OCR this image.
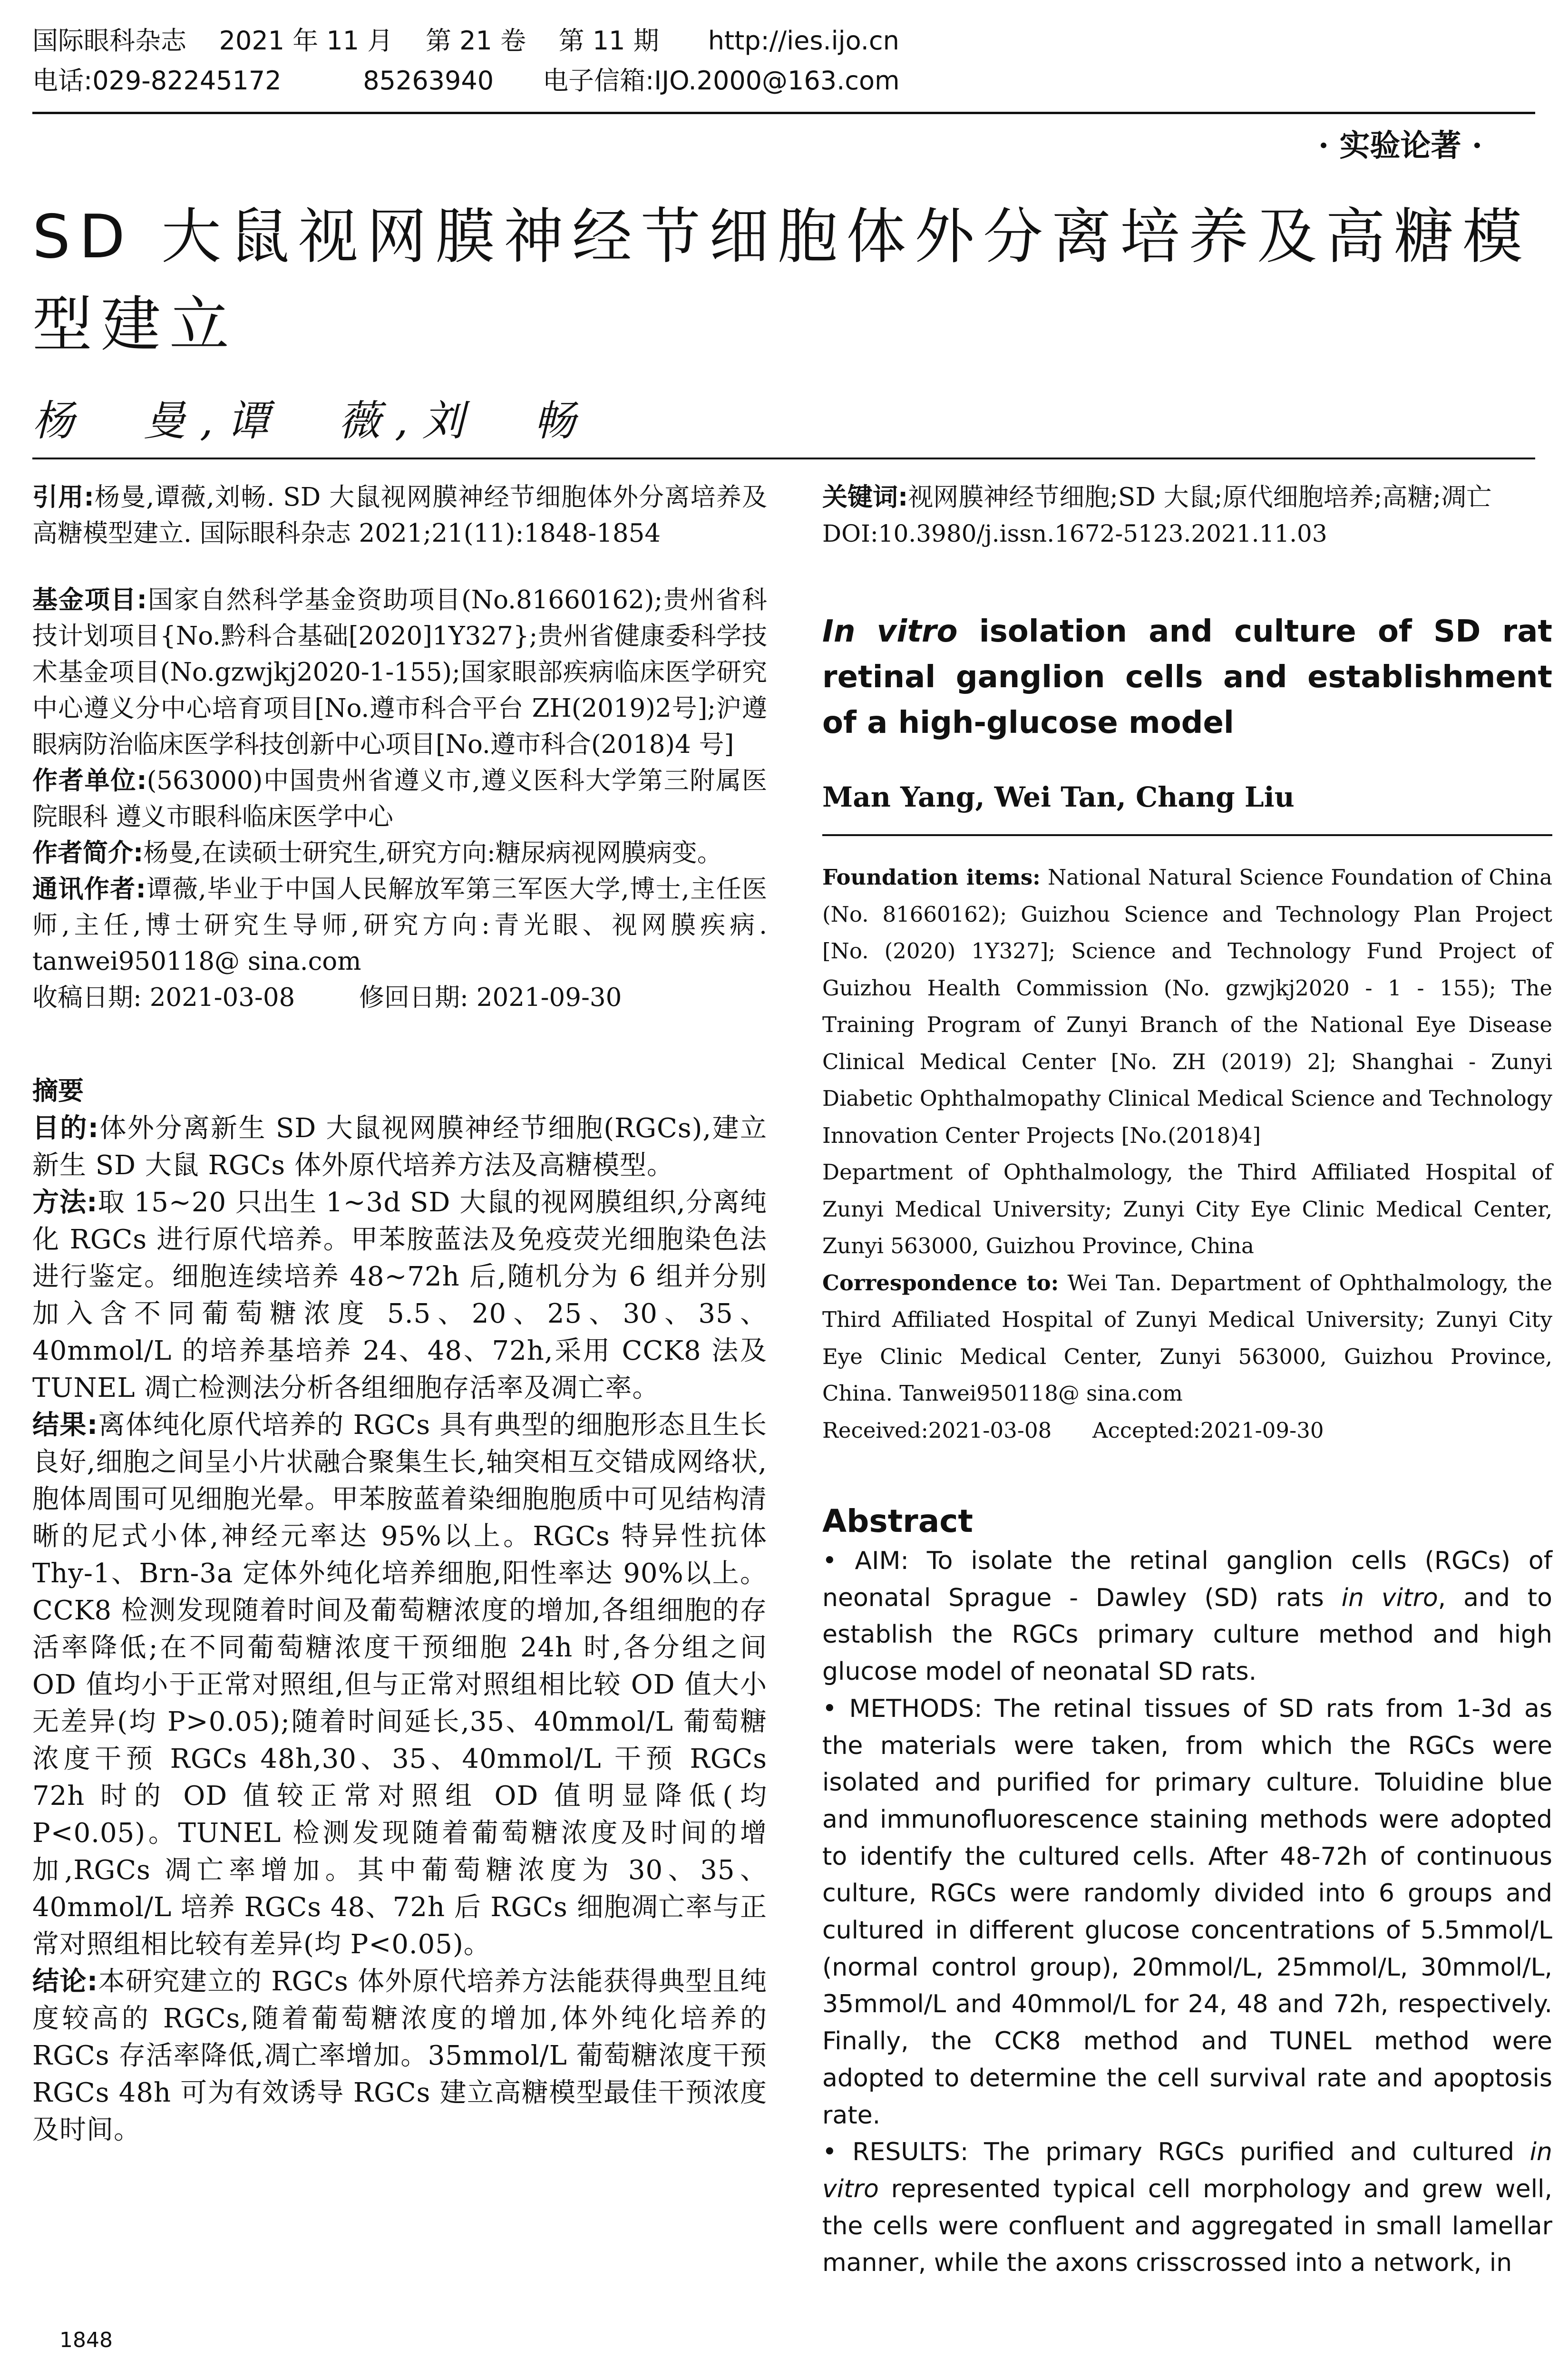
国际眼科杂志    2021 年 11 月    第 21 卷    第 11 期      http://ies.ijo.cn
电话:029-82245172          85263940      电子信箱:IJO.2000@163.com
· 实验论著 ·
SD 大鼠视网膜神经节细胞体外分离培养及高糖模型建立
杨  曼,谭  薇,刘  畅

引用:杨曼,谭薇,刘畅. SD 大鼠视网膜神经节细胞体外分离培养及高糖模型建立. 国际眼科杂志 2021;21(11):1848-1854

基金项目:国家自然科学基金资助项目(No.81660162);贵州省科技计划项目{No.黔科合基础[2020]1Y327};贵州省健康委科学技术基金项目(No.gzwjkj2020-1-155);国家眼部疾病临床医学研究中心遵义分中心培育项目[No.遵市科合平台 ZH(2019)2号];沪遵眼病防治临床医学科技创新中心项目[No.遵市科合(2018)4 号]

作者单位:(563000)中国贵州省遵义市,遵义医科大学第三附属医院眼科 遵义市眼科临床医学中心

作者简介:杨曼,在读硕士研究生,研究方向:糖尿病视网膜病变。

通讯作者:谭薇,毕业于中国人民解放军第三军医大学,博士,主任医师,主任,博士研究生导师,研究方向:青光眼、视网膜疾病. tanwei950118@ sina.com

收稿日期: 2021-03-08        修回日期: 2021-09-30

摘要

目的:体外分离新生 SD 大鼠视网膜神经节细胞(RGCs),建立新生 SD 大鼠 RGCs 体外原代培养方法及高糖模型。

方法:取 15~20 只出生 1~3d SD 大鼠的视网膜组织,分离纯化 RGCs 进行原代培养。甲苯胺蓝法及免疫荧光细胞染色法进行鉴定。细胞连续培养 48~72h 后,随机分为 6 组并分别加入含不同葡萄糖浓度 5.5、20、25、30、35、40mmol/L 的培养基培养 24、48、72h,采用 CCK8 法及 TUNEL 凋亡检测法分析各组细胞存活率及凋亡率。

结果:离体纯化原代培养的 RGCs 具有典型的细胞形态且生长良好,细胞之间呈小片状融合聚集生长,轴突相互交错成网络状,胞体周围可见细胞光晕。甲苯胺蓝着染细胞胞质中可见结构清晰的尼式小体,神经元率达 95%以上。RGCs 特异性抗体 Thy-1、Brn-3a 定体外纯化培养细胞,阳性率达 90%以上。CCK8 检测发现随着时间及葡萄糖浓度的增加,各组细胞的存活率降低;在不同葡萄糖浓度干预细胞 24h 时,各分组之间 OD 值均小于正常对照组,但与正常对照组相比较 OD 值大小无差异(均 P>0.05);随着时间延长,35、40mmol/L 葡萄糖浓度干预 RGCs 48h,30、35、40mmol/L 干预 RGCs 72h 时的 OD 值较正常对照组 OD 值明显降低(均 P<0.05)。TUNEL 检测发现随着葡萄糖浓度及时间的增加,RGCs 凋亡率增加。其中葡萄糖浓度为 30、35、40mmol/L 培养 RGCs 48、72h 后 RGCs 细胞凋亡率与正常对照组相比较有差异(均 P<0.05)。

结论:本研究建立的 RGCs 体外原代培养方法能获得典型且纯度较高的 RGCs,随着葡萄糖浓度的增加,体外纯化培养的 RGCs 存活率降低,凋亡率增加。35mmol/L 葡萄糖浓度干预 RGCs 48h 可为有效诱导 RGCs 建立高糖模型最佳干预浓度及时间。

关键词:视网膜神经节细胞;SD 大鼠;原代细胞培养;高糖;凋亡

DOI:10.3980/j.issn.1672-5123.2021.11.03

In vitro isolation and culture of SD rat retinal ganglion cells and establishment of a high-glucose model

Man Yang, Wei Tan, Chang Liu

Foundation items: National Natural Science Foundation of China (No. 81660162); Guizhou Science and Technology Plan Project [No. (2020) 1Y327]; Science and Technology Fund Project of Guizhou Health Commission (No. gzwjkj2020 - 1 - 155); The Training Program of Zunyi Branch of the National Eye Disease Clinical Medical Center [No. ZH (2019) 2]; Shanghai - Zunyi Diabetic Ophthalmopathy Clinical Medical Science and Technology Innovation Center Projects [No.(2018)4]

Department of Ophthalmology, the Third Affiliated Hospital of Zunyi Medical University; Zunyi City Eye Clinic Medical Center, Zunyi 563000, Guizhou Province, China

Correspondence to: Wei Tan. Department of Ophthalmology, the Third Affiliated Hospital of Zunyi Medical University; Zunyi City Eye Clinic Medical Center, Zunyi 563000, Guizhou Province, China. Tanwei950118@ sina.com

Received:2021-03-08      Accepted:2021-09-30

Abstract

• AIM: To isolate the retinal ganglion cells (RGCs) of neonatal Sprague - Dawley (SD) rats in vitro, and to establish the RGCs primary culture method and high glucose model of neonatal SD rats.

• METHODS: The retinal tissues of SD rats from 1-3d as the materials were taken, from which the RGCs were isolated and purified for primary culture. Toluidine blue and immunofluorescence staining methods were adopted to identify the cultured cells. After 48-72h of continuous culture, RGCs were randomly divided into 6 groups and cultured in different glucose concentrations of 5.5mmol/L (normal control group), 20mmol/L, 25mmol/L, 30mmol/L, 35mmol/L and 40mmol/L for 24, 48 and 72h, respectively. Finally, the CCK8 method and TUNEL method were adopted to determine the cell survival rate and apoptosis rate.

• RESULTS: The primary RGCs purified and cultured in vitro represented typical cell morphology and grew well, the cells were confluent and aggregated in small lamellar manner, while the axons crisscrossed into a network, in

1848
